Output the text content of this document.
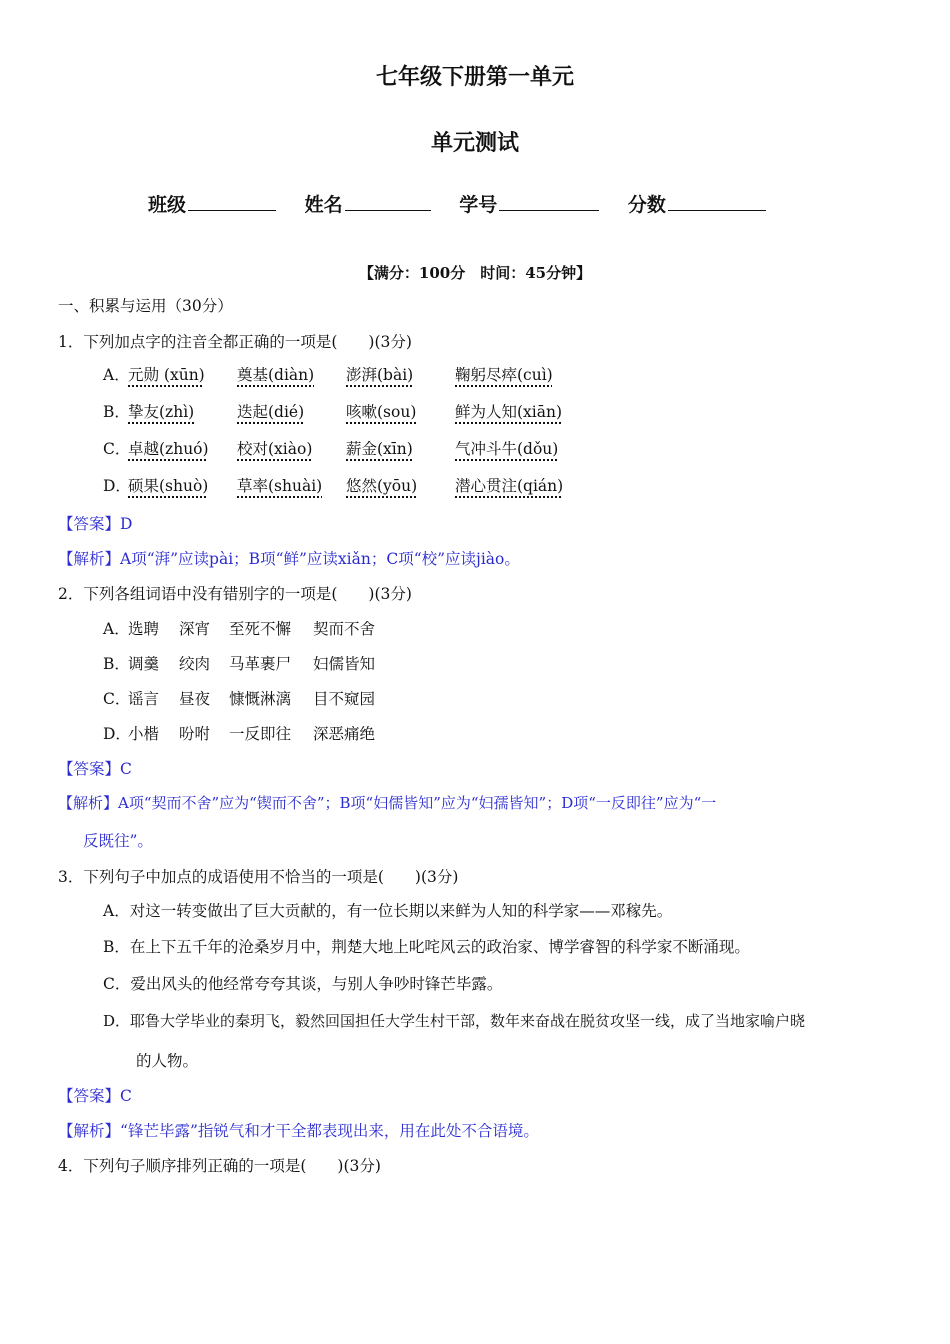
七年级下册第一单元
单元测试
班级	姓名	学号	分数
【满分：100分　时间：45分钟】
一、积累与运用（30分）
1．下列加点字的注音全都正确的一项是(　　)(3分)
A．
元勋 (xūn) 奠基(diàn) 澎湃(bài)	鞠躬尽瘁(cuì)
B．
挚友(zhì)	迭起(dié)	咳嗽(sou) 鲜为人知(xiān)
C．
卓越(zhuó) 校对(xiào) 薪金(xīn)	气冲斗牛(dǒu)
D．
硕果(shuò) 草率(shuài) 悠然(yōu) 潜心贯注(qián)
【答案】D
【解析】A项“湃”应读pài；B项“鲜”应读xiǎn；C项“校”应读jiào。
2．下列各组词语中没有错别字的一项是(　　)(3分)
A．
选聘 深宵 至死不懈 契而不舍
B．
调羹 绞肉 马革裹尸 妇儒皆知
C．
谣言 昼夜 慷慨淋漓 目不窥园
D．
小楷 吩咐 一反即往 深恶痛绝
【答案】C
【解析】A项“契而不舍”应为“锲而不舍”；B项“妇儒皆知”应为“妇孺皆知”；D项“一反即往”应为“一
反既往”。
3．下列句子中加点的成语使用不恰当的一项是(　　)(3分)
A．对这一转变做出了巨大贡献的，有一位长期以来鲜为人知的科学家——邓稼先。
B．在上下五千年的沧桑岁月中，荆楚大地上叱咤风云的政治家、博学睿智的科学家不断涌现。
C．爱出风头的他经常夸夸其谈，与别人争吵时锋芒毕露。
D．耶鲁大学毕业的秦玥飞，毅然回国担任大学生村干部，数年来奋战在脱贫攻坚一线，成了当地家喻户晓
的人物。
【答案】C
【解析】“锋芒毕露”指锐气和才干全都表现出来，用在此处不合语境。
4．下列句子顺序排列正确的一项是(　　)(3分)
